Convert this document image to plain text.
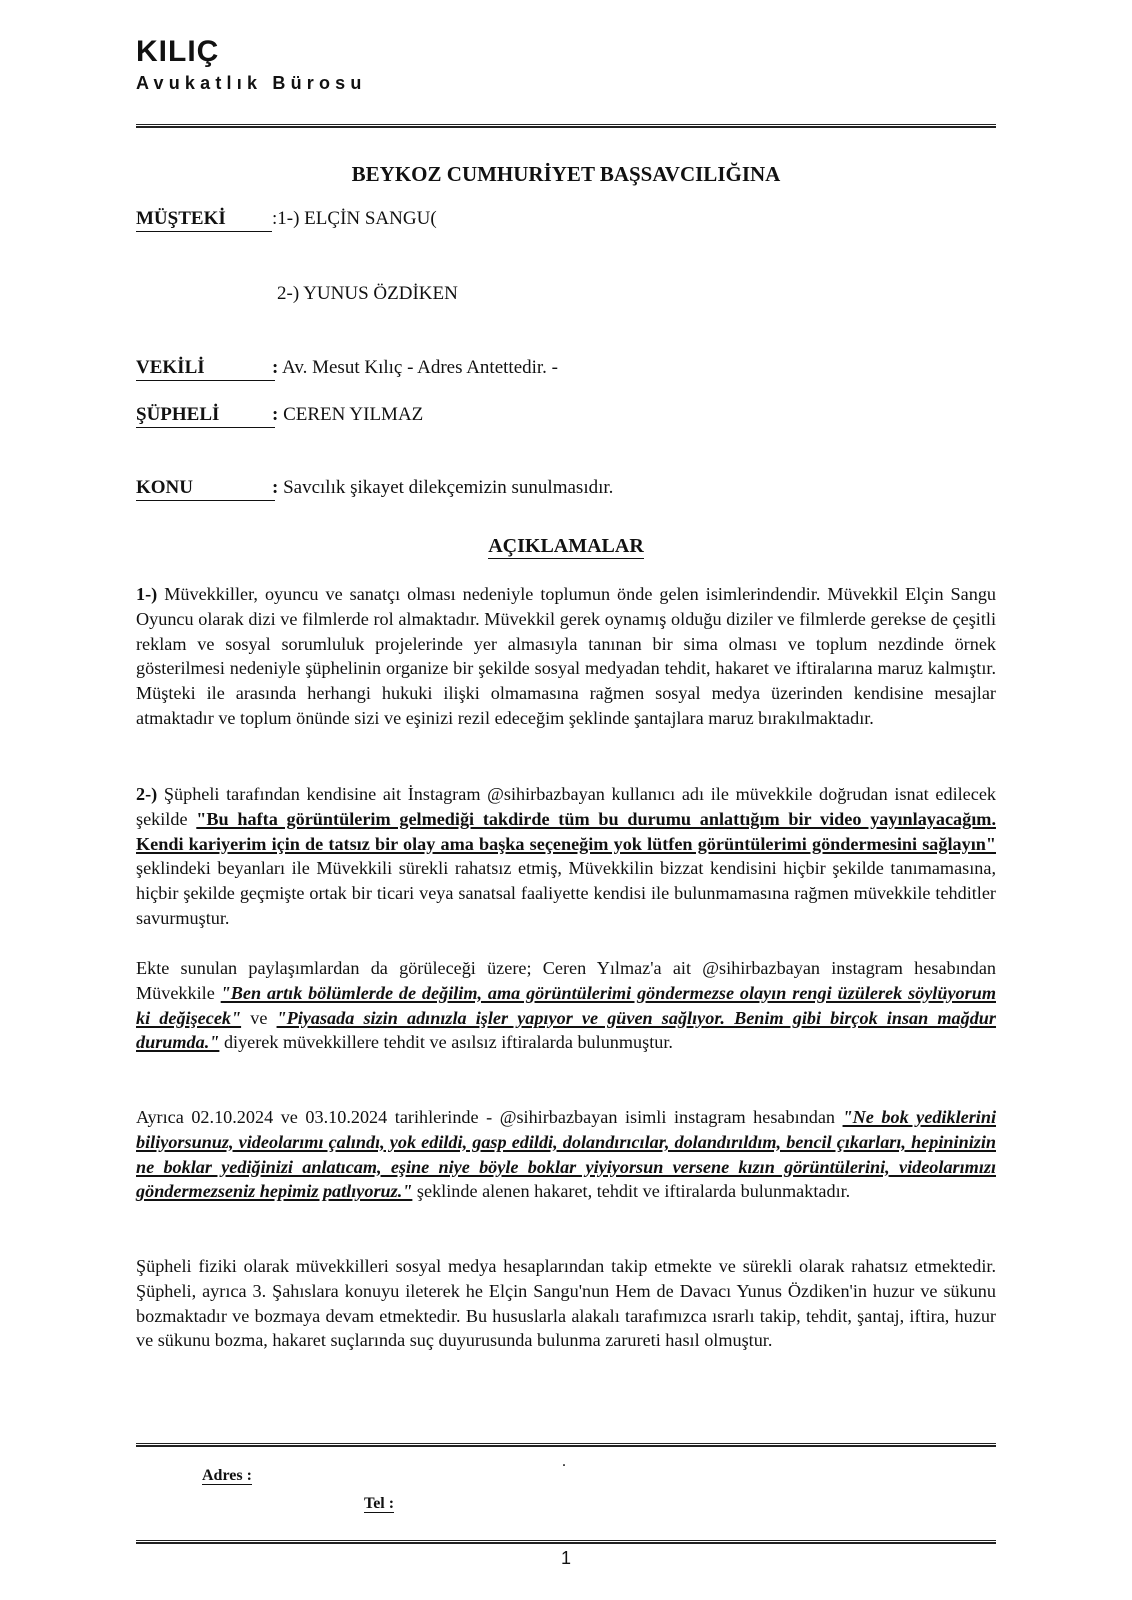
KILIÇ
Avukatlık Bürosu
BEYKOZ CUMHURİYET BAŞSAVCILIĞINA
MÜŞTEKİ	:1-) ELÇİN SANGU(
2-) YUNUS ÖZDİKEN
VEKİLİ	: Av. Mesut Kılıç - Adres Antettedir. -
ŞÜPHELİ	: CEREN YILMAZ
KONU	: Savcılık şikayet dilekçemizin sunulmasıdır.
AÇIKLAMALAR
1-) Müvekkiller, oyuncu ve sanatçı olması nedeniyle toplumun önde gelen isimlerindendir. Müvekkil Elçin Sangu Oyuncu olarak dizi ve filmlerde rol almaktadır. Müvekkil gerek oynamış olduğu diziler ve filmlerde gerekse de çeşitli reklam ve sosyal sorumluluk projelerinde yer almasıyla tanınan bir sima olması ve toplum nezdinde örnek gösterilmesi nedeniyle şüphelinin organize bir şekilde sosyal medyadan tehdit, hakaret ve iftiralarına maruz kalmıştır. Müşteki ile arasında herhangi hukuki ilişki olmamasına rağmen sosyal medya üzerinden kendisine mesajlar atmaktadır ve toplum önünde sizi ve eşinizi rezil edeceğim şeklinde şantajlara maruz bırakılmaktadır.
2-) Şüpheli tarafından kendisine ait İnstagram @sihirbazbayan kullanıcı adı ile müvekkile doğrudan isnat edilecek şekilde "Bu hafta görüntülerim gelmediği takdirde tüm bu durumu anlattığım bir video yayınlayacağım. Kendi kariyerim için de tatsız bir olay ama başka seçeneğim yok lütfen görüntülerimi göndermesini sağlayın" şeklindeki beyanları ile Müvekkili sürekli rahatsız etmiş, Müvekkilin bizzat kendisini hiçbir şekilde tanımamasına, hiçbir şekilde geçmişte ortak bir ticari veya sanatsal faaliyette kendisi ile bulunmamasına rağmen müvekkile tehditler savurmuştur.
Ekte sunulan paylaşımlardan da görüleceği üzere; Ceren Yılmaz'a ait @sihirbazbayan instagram hesabından Müvekkile "Ben artık bölümlerde de değilim, ama görüntülerimi göndermezse olayın rengi üzülerek söylüyorum ki değişecek" ve "Piyasada sizin adınızla işler yapıyor ve güven sağlıyor. Benim gibi birçok insan mağdur durumda." diyerek müvekkillere tehdit ve asılsız iftiralarda bulunmuştur.
Ayrıca 02.10.2024 ve 03.10.2024 tarihlerinde - @sihirbazbayan isimli instagram hesabından "Ne bok yediklerini biliyorsunuz, videolarımı çalındı, yok edildi, gasp edildi, dolandırıcılar, dolandırıldım, bencil çıkarları, hepininizin ne boklar yediğinizi anlatıcam, eşine niye böyle boklar yiyiyorsun versene kızın görüntülerini, videolarımızı göndermezseniz hepimiz patlıyoruz." şeklinde alenen hakaret, tehdit ve iftiralarda bulunmaktadır.
Şüpheli fiziki olarak müvekkilleri sosyal medya hesaplarından takip etmekte ve sürekli olarak rahatsız etmektedir. Şüpheli, ayrıca 3. Şahıslara konuyu ileterek he Elçin Sangu'nun Hem de Davacı Yunus Özdiken'in huzur ve sükunu bozmaktadır ve bozmaya devam etmektedir. Bu hususlarla alakalı tarafımızca ısrarlı takip, tehdit, şantaj, iftira, huzur ve sükunu bozma, hakaret suçlarında suç duyurusunda bulunma zarureti hasıl olmuştur.
.
Adres :
Tel :
1
